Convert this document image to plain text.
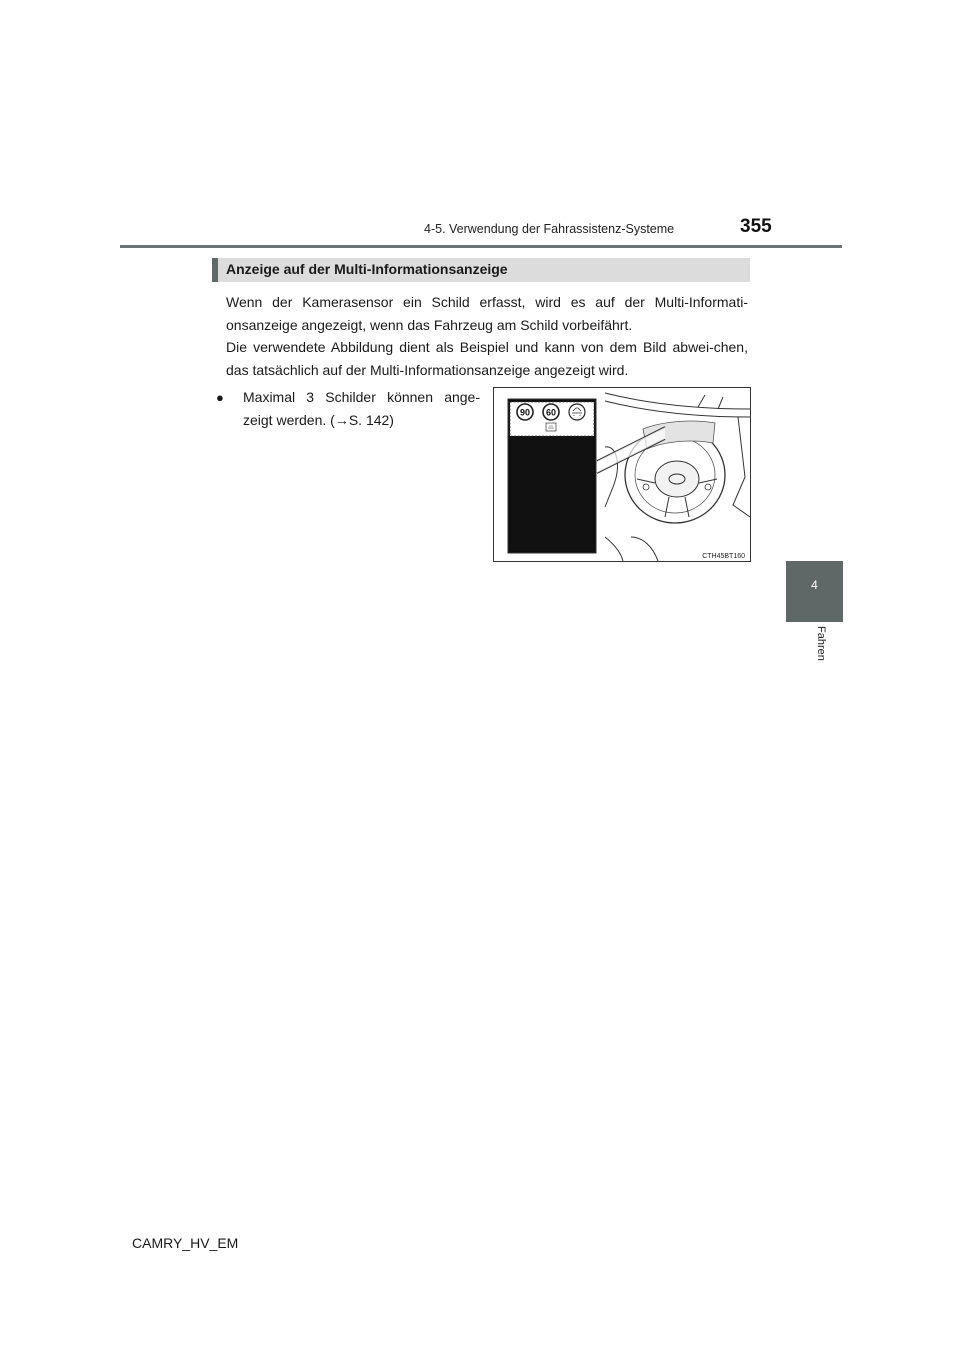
4-5. Verwendung der Fahrassistenz-Systeme	355
4
Fahren
Anzeige auf der Multi-Informationsanzeige

Wenn der Kamerasensor ein Schild erfasst, wird es auf der Multi-Informati-onsanzeige angezeigt, wenn das Fahrzeug am Schild vorbeifährt.

Die verwendete Abbildung dient als Beispiel und kann von dem Bild abwei-chen, das tatsächlich auf der Multi-Informationsanzeige angezeigt wird.

● Maximal 3 Schilder können ange-zeigt werden. (→S. 142)	90 60
CTH45BT160
CAMRY_HV_EM
